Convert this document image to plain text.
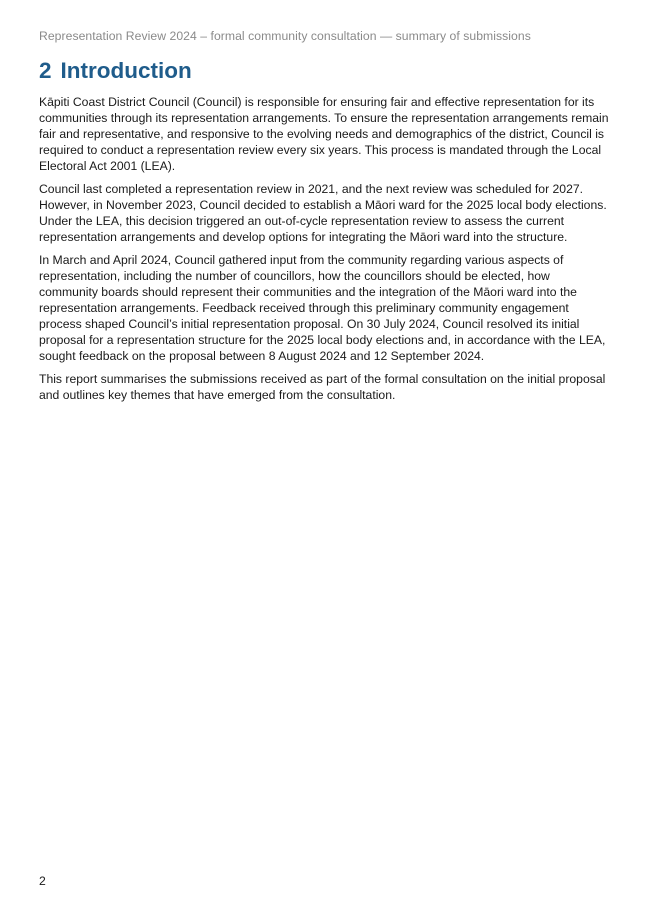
Representation Review 2024 – formal community consultation — summary of submissions
2 Introduction

Kāpiti Coast District Council (Council) is responsible for ensuring fair and effective representation for its communities through its representation arrangements. To ensure the representation arrangements remain fair and representative, and responsive to the evolving needs and demographics of the district, Council is required to conduct a representation review every six years. This process is mandated through the Local Electoral Act 2001 (LEA).

Council last completed a representation review in 2021, and the next review was scheduled for 2027. However, in November 2023, Council decided to establish a Māori ward for the 2025 local body elections. Under the LEA, this decision triggered an out-of-cycle representation review to assess the current representation arrangements and develop options for integrating the Māori ward into the structure.

In March and April 2024, Council gathered input from the community regarding various aspects of representation, including the number of councillors, how the councillors should be elected, how community boards should represent their communities and the integration of the Māori ward into the representation arrangements. Feedback received through this preliminary community engagement process shaped Council’s initial representation proposal. On 30 July 2024, Council resolved its initial proposal for a representation structure for the 2025 local body elections and, in accordance with the LEA, sought feedback on the proposal between 8 August 2024 and 12 September 2024.

This report summarises the submissions received as part of the formal consultation on the initial proposal and outlines key themes that have emerged from the consultation.

2
